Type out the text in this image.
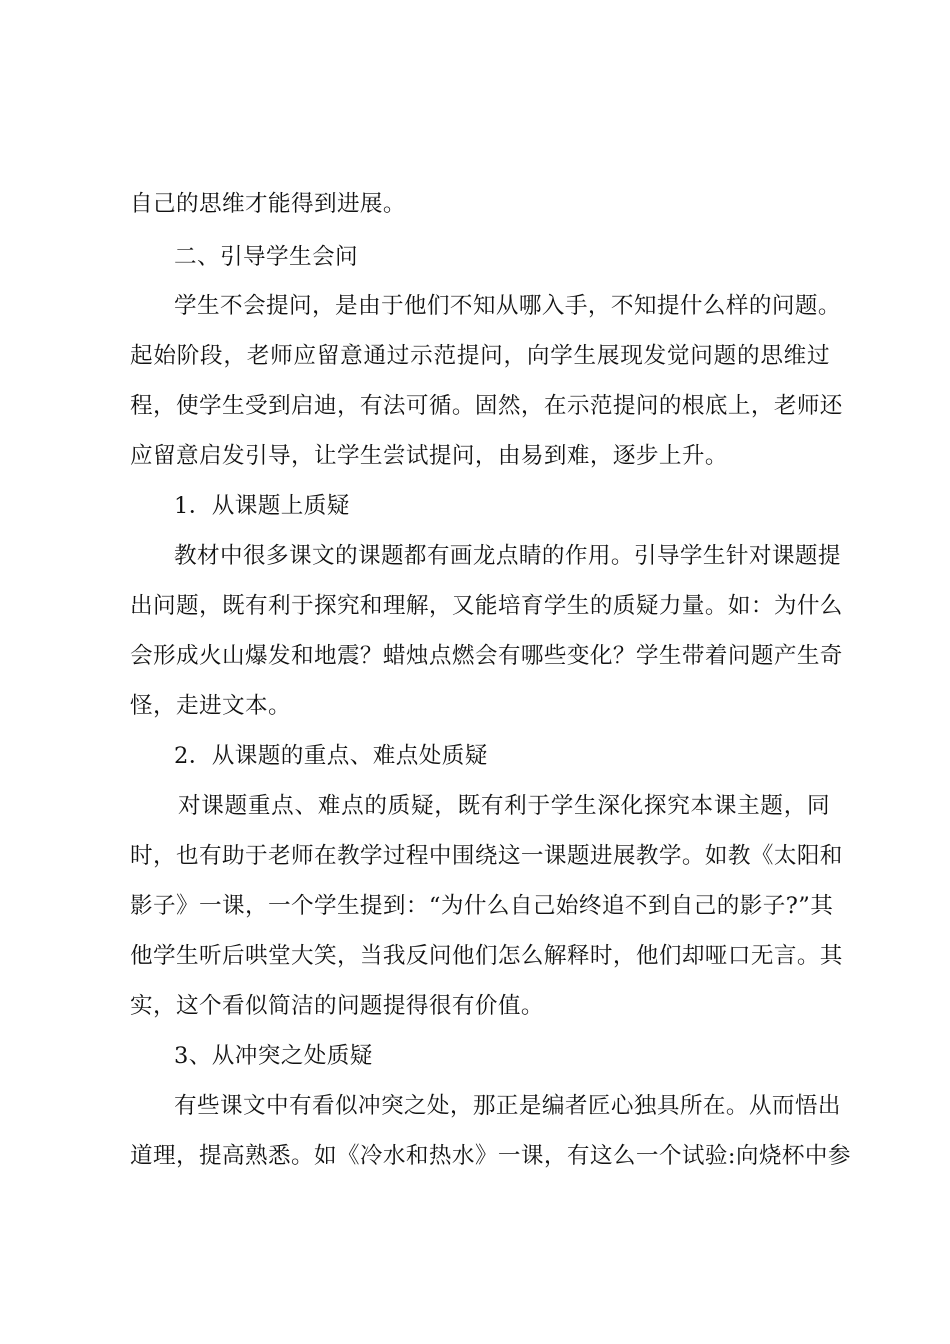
自己的思维才能得到进展。
二、引导学生会问
学生不会提问，是由于他们不知从哪入手，不知提什么样的问题。
起始阶段，老师应留意通过示范提问，向学生展现发觉问题的思维过
程，使学生受到启迪，有法可循。固然，在示范提问的根底上，老师还
应留意启发引导，让学生尝试提问，由易到难，逐步上升。
1．从课题上质疑
教材中很多课文的课题都有画龙点睛的作用。引导学生针对课题提
出问题，既有利于探究和理解，又能培育学生的质疑力量。如：为什么
会形成火山爆发和地震？蜡烛点燃会有哪些变化？学生带着问题产生奇
怪，走进文本。
2．从课题的重点、难点处质疑
对课题重点、难点的质疑，既有利于学生深化探究本课主题，同
时，也有助于老师在教学过程中围绕这一课题进展教学。如教《太阳和
影子》一课，一个学生提到：“为什么自己始终追不到自己的影子?”其
他学生听后哄堂大笑，当我反问他们怎么解释时，他们却哑口无言。其
实，这个看似简洁的问题提得很有价值。
3、从冲突之处质疑
有些课文中有看似冲突之处，那正是编者匠心独具所在。从而悟出
道理，提高熟悉。如《冷水和热水》一课，有这么一个试验:向烧杯中参
